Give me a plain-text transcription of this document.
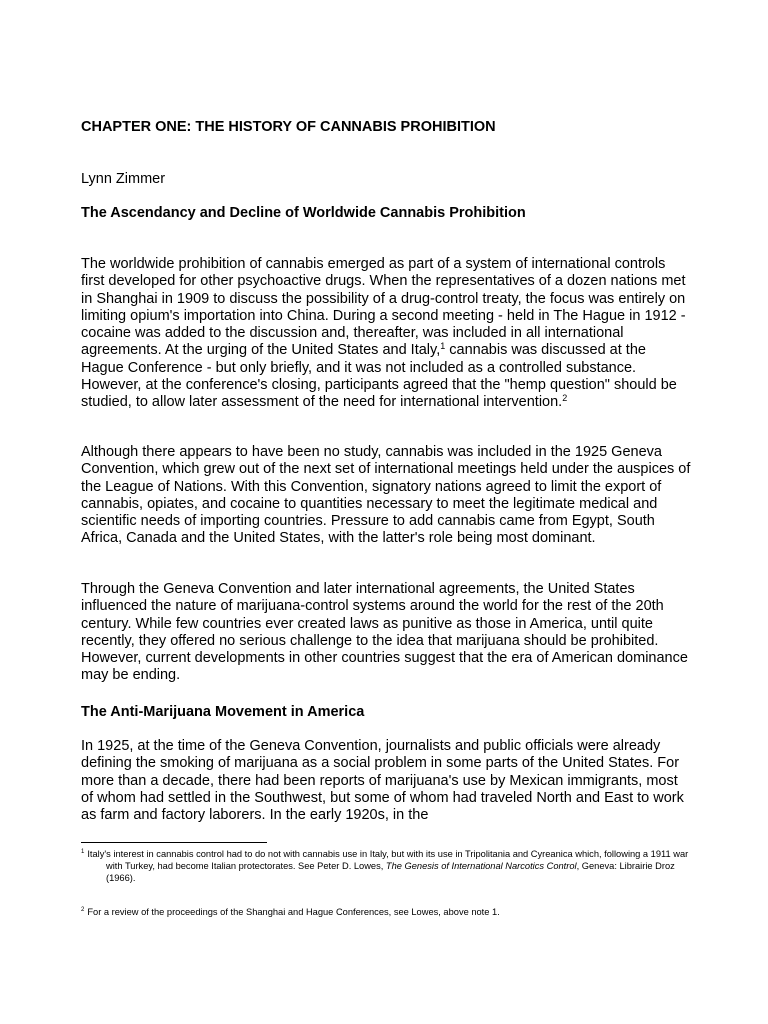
CHAPTER ONE: THE HISTORY OF CANNABIS PROHIBITION

Lynn Zimmer

The Ascendancy and Decline of Worldwide Cannabis Prohibition

The worldwide prohibition of cannabis emerged as part of a system of international controls first developed for other psychoactive drugs. When the representatives of a dozen nations met in Shanghai in 1909 to discuss the possibility of a drug-control treaty, the focus was entirely on limiting opium's importation into China. During a second meeting - held in The Hague in 1912 - cocaine was added to the discussion and, thereafter, was included in all international agreements. At the urging of the United States and Italy,$^1$ cannabis was discussed at the Hague Conference - but only briefly, and it was not included as a controlled substance. However, at the conference's closing, participants agreed that the "hemp question" should be studied, to allow later assessment of the need for international intervention.$^2$

Although there appears to have been no study, cannabis was included in the 1925 Geneva Convention, which grew out of the next set of international meetings held under the auspices of the League of Nations. With this Convention, signatory nations agreed to limit the export of cannabis, opiates, and cocaine to quantities necessary to meet the legitimate medical and scientific needs of importing countries. Pressure to add cannabis came from Egypt, South Africa, Canada and the United States, with the latter's role being most dominant.

Through the Geneva Convention and later international agreements, the United States influenced the nature of marijuana-control systems around the world for the rest of the 20th century. While few countries ever created laws as punitive as those in America, until quite recently, they offered no serious challenge to the idea that marijuana should be prohibited. However, current developments in other countries suggest that the era of American dominance may be ending.

The Anti-Marijuana Movement in America

In 1925, at the time of the Geneva Convention, journalists and public officials were already defining the smoking of marijuana as a social problem in some parts of the United States. For more than a decade, there had been reports of marijuana's use by Mexican immigrants, most of whom had settled in the Southwest, but some of whom had traveled North and East to work as farm and factory laborers. In the early 1920s, in the

$^1$ Italy's interest in cannabis control had to do not with cannabis use in Italy, but with its use in Tripolitania and Cyreanica which, following a 1911 war with Turkey, had become Italian protectorates. See Peter D. Lowes, The Genesis of International Narcotics Control, Geneva: Librairie Droz (1966).

$^2$ For a review of the proceedings of the Shanghai and Hague Conferences, see Lowes, above note 1.
